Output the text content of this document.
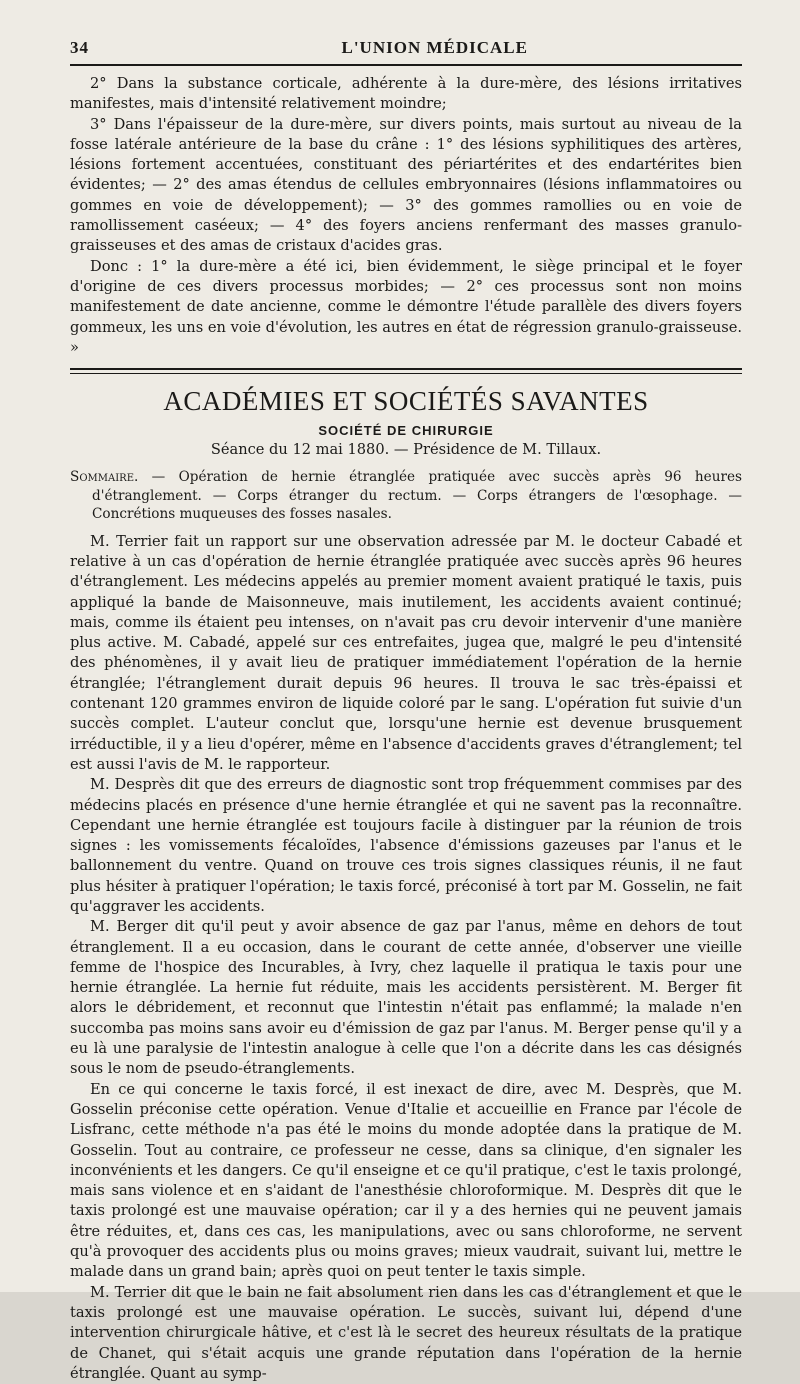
34	L'UNION MÉDICALE

2° Dans la substance corticale, adhérente à la dure-mère, des lésions irritatives manifestes, mais d'intensité relativement moindre;

3° Dans l'épaisseur de la dure-mère, sur divers points, mais surtout au niveau de la fosse latérale antérieure de la base du crâne : 1° des lésions syphilitiques des artères, lésions fortement accentuées, constituant des périartérites et des endartérites bien évidentes; — 2° des amas étendus de cellules embryonnaires (lésions inflammatoires ou gommes en voie de développement); — 3° des gommes ramollies ou en voie de ramollissement caséeux; — 4° des foyers anciens renfermant des masses granulo-graisseuses et des amas de cristaux d'acides gras.

Donc : 1° la dure-mère a été ici, bien évidemment, le siège principal et le foyer d'origine de ces divers processus morbides; — 2° ces processus sont non moins manifestement de date ancienne, comme le démontre l'étude parallèle des divers foyers gommeux, les uns en voie d'évolution, les autres en état de régression granulo-graisseuse. »

ACADÉMIES ET SOCIÉTÉS SAVANTES
SOCIÉTÉ DE CHIRURGIE
Séance du 12 mai 1880. — Présidence de M. Tillaux.

Sommaire. — Opération de hernie étranglée pratiquée avec succès après 96 heures d'étranglement. — Corps étranger du rectum. — Corps étrangers de l'œsophage. — Concrétions muqueuses des fosses nasales.

M. Terrier fait un rapport sur une observation adressée par M. le docteur Cabadé et relative à un cas d'opération de hernie étranglée pratiquée avec succès après 96 heures d'étranglement. Les médecins appelés au premier moment avaient pratiqué le taxis, puis appliqué la bande de Maisonneuve, mais inutilement, les accidents avaient continué; mais, comme ils étaient peu intenses, on n'avait pas cru devoir intervenir d'une manière plus active. M. Cabadé, appelé sur ces entrefaites, jugea que, malgré le peu d'intensité des phénomènes, il y avait lieu de pratiquer immédiatement l'opération de la hernie étranglée; l'étranglement durait depuis 96 heures. Il trouva le sac très-épaissi et contenant 120 grammes environ de liquide coloré par le sang. L'opération fut suivie d'un succès complet. L'auteur conclut que, lorsqu'une hernie est devenue brusquement irréductible, il y a lieu d'opérer, même en l'absence d'accidents graves d'étranglement; tel est aussi l'avis de M. le rapporteur.

M. Desprès dit que des erreurs de diagnostic sont trop fréquemment commises par des médecins placés en présence d'une hernie étranglée et qui ne savent pas la reconnaître. Cependant une hernie étranglée est toujours facile à distinguer par la réunion de trois signes : les vomissements fécaloïdes, l'absence d'émissions gazeuses par l'anus et le ballonnement du ventre. Quand on trouve ces trois signes classiques réunis, il ne faut plus hésiter à pratiquer l'opération; le taxis forcé, préconisé à tort par M. Gosselin, ne fait qu'aggraver les accidents.

M. Berger dit qu'il peut y avoir absence de gaz par l'anus, même en dehors de tout étranglement. Il a eu occasion, dans le courant de cette année, d'observer une vieille femme de l'hospice des Incurables, à Ivry, chez laquelle il pratiqua le taxis pour une hernie étranglée. La hernie fut réduite, mais les accidents persistèrent. M. Berger fit alors le débridement, et reconnut que l'intestin n'était pas enflammé; la malade n'en succomba pas moins sans avoir eu d'émission de gaz par l'anus. M. Berger pense qu'il y a eu là une paralysie de l'intestin analogue à celle que l'on a décrite dans les cas désignés sous le nom de pseudo-étranglements.

En ce qui concerne le taxis forcé, il est inexact de dire, avec M. Desprès, que M. Gosselin préconise cette opération. Venue d'Italie et accueillie en France par l'école de Lisfranc, cette méthode n'a pas été le moins du monde adoptée dans la pratique de M. Gosselin. Tout au contraire, ce professeur ne cesse, dans sa clinique, d'en signaler les inconvénients et les dangers. Ce qu'il enseigne et ce qu'il pratique, c'est le taxis prolongé, mais sans violence et en s'aidant de l'anesthésie chloroformique. M. Desprès dit que le taxis prolongé est une mauvaise opération; car il y a des hernies qui ne peuvent jamais être réduites, et, dans ces cas, les manipulations, avec ou sans chloroforme, ne servent qu'à provoquer des accidents plus ou moins graves; mieux vaudrait, suivant lui, mettre le malade dans un grand bain; après quoi on peut tenter le taxis simple.

M. Terrier dit que le bain ne fait absolument rien dans les cas d'étranglement et que le taxis prolongé est une mauvaise opération. Le succès, suivant lui, dépend d'une intervention chirurgicale hâtive, et c'est là le secret des heureux résultats de la pratique de Chanet, qui s'était acquis une grande réputation dans l'opération de la hernie étranglée. Quant au symp-
